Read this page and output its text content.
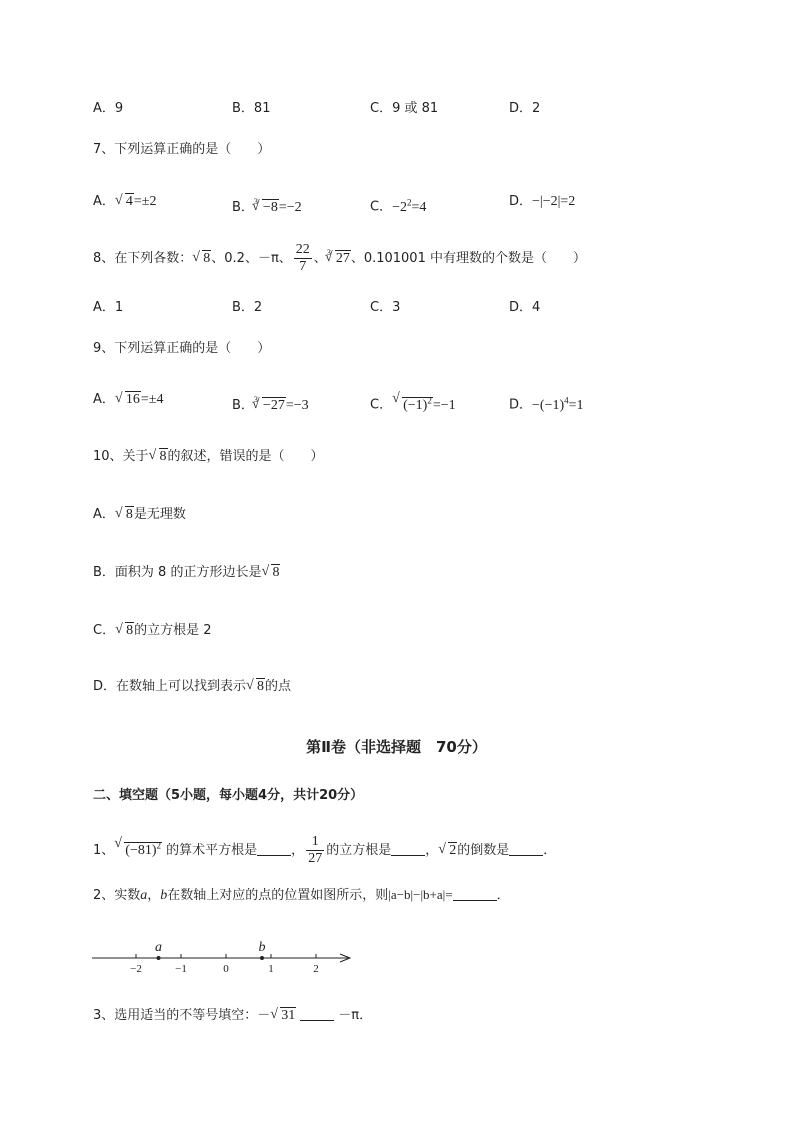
A．9	B．81	C．9 或 81	D．2
7、下列运算正确的是（　　）
A． √ 4=±2	B．$^3$ √ −8=−2	C．$-2^2=4$	D．−|−2|=2
8、在下列各数： √ 8、0.2、－π、 $\frac{22}{7}$ 、$^3$ √ 27、0.101001 中有理数的个数是（　　）
A．1	B．2	C．3	D．4
9、下列运算正确的是（　　）
A． √ 16=±4	B．$^3$ √ −27=−3	C． √ $(-1)^2=-1$	D．$-(-1)^4=1$
10、关于 √ 8的叙述，错误的是（　　）
A． √ 8是无理数
B．面积为 8 的正方形边长是 √ 8
C． √ 8的立方根是 2
D．在数轴上可以找到表示 √ 8的点
第Ⅱ卷（非选择题　70分）
二、填空题（5小题，每小题4分，共计20分）
1、 √ $(-81)^2$ 的算术平方根是	， $\frac{1}{27}$ 的立方根是	， √ 2的倒数是	．
2、实数a，b在数轴上对应的点的位置如图所示，则|a−b|−|b+a|=	．
−2	−1	0	1	2
a	b
3、选用适当的不等号填空：－ √ 31	－π．
